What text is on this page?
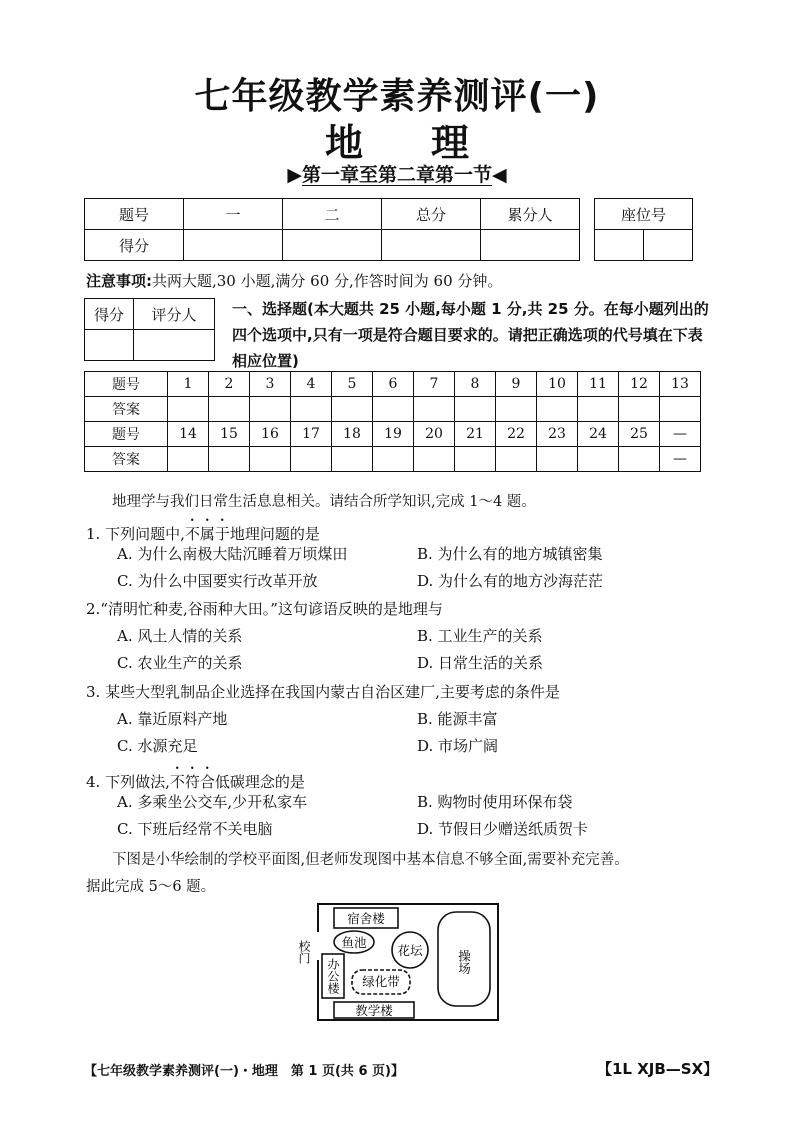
七年级教学素养测评(一)
地 理
▶第一章至第二章第一节◀
题号	一	二	总分	累分人
得分				
座位号

注意事项:共两大题,30 小题,满分 60 分,作答时间为 60 分钟。
得分	评分人
	一、选择题(本大题共 25 小题,每小题 1 分,共 25 分。在每小题列出的四个选项中,只有一项是符合题目要求的。请把正确选项的代号填在下表相应位置)
题号	1	2	3	4	5	6	7	8	9	10	11	12	13
答案													
题号	14	15	16	17	18	19	20	21	22	23	24	25	—
答案													—
地理学与我们日常生活息息相关。请结合所学知识,完成 1～4 题。
1. 下列问题中,不属于地理问题的是
A. 为什么南极大陆沉睡着万顷煤田	B. 为什么有的地方城镇密集
C. 为什么中国要实行改革开放	D. 为什么有的地方沙海茫茫
2.“清明忙种麦,谷雨种大田。”这句谚语反映的是地理与
A. 风土人情的关系	B. 工业生产的关系
C. 农业生产的关系	D. 日常生活的关系
3. 某些大型乳制品企业选择在我国内蒙古自治区建厂,主要考虑的条件是
A. 靠近原料产地	B. 能源丰富
C. 水源充足	D. 市场广阔
4. 下列做法,不符合低碳理念的是
A. 多乘坐公交车,少开私家车	B. 购物时使用环保布袋
C. 下班后经常不关电脑	D. 节假日少赠送纸质贺卡
下图是小华绘制的学校平面图,但老师发现图中基本信息不够全面,需要补充完善。
据此完成 5～6 题。
校门
宿舍楼
鱼池
花坛	操场
办公楼 绿化带
教学楼
【七年级教学素养测评(一)・地理　第 1 页(共 6 页)】	【1L XJB—SX】
